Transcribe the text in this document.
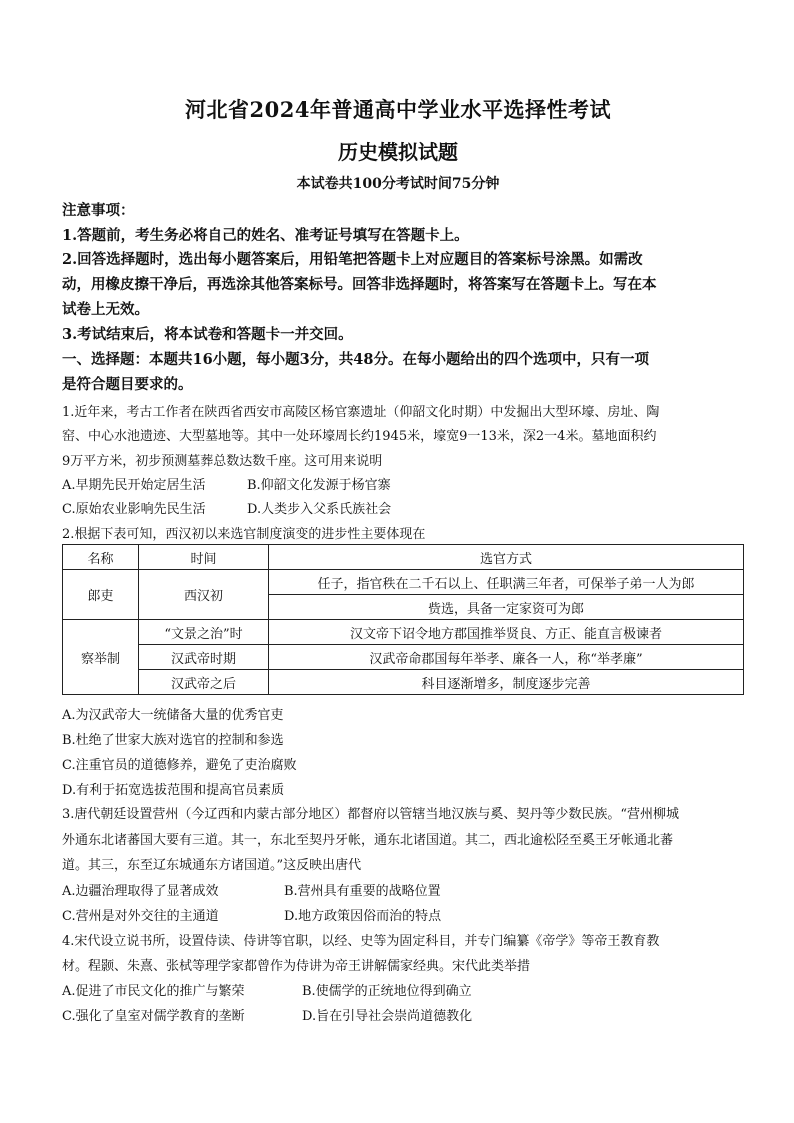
河北省2024年普通高中学业水平选择性考试
历史模拟试题
本试卷共100分考试时间75分钟
注意事项：
1.答题前，考生务必将自己的姓名、准考证号填写在答题卡上。
2.回答选择题时，选出每小题答案后，用铅笔把答题卡上对应题目的答案标号涂黑。如需改
动，用橡皮擦干净后，再选涂其他答案标号。回答非选择题时，将答案写在答题卡上。写在本
试卷上无效。
3.考试结束后，将本试卷和答题卡一并交回。
一、选择题：本题共16小题，每小题3分，共48分。在每小题给出的四个选项中，只有一项
是符合题目要求的。
1.近年来，考古工作者在陕西省西安市高陵区杨官寨遗址（仰韶文化时期）中发掘出大型环壕、房址、陶
窑、中心水池遗迹、大型墓地等。其中一处环壕周长约1945米，壕宽9一13米，深2一4米。墓地面积约
9万平方米，初步预测墓葬总数达数千座。这可用来说明
A.早期先民开始定居生活	B.仰韶文化发源于杨官寨
C.原始农业影响先民生活	D.人类步入父系氏族社会
2.根据下表可知，西汉初以来选官制度演变的进步性主要体现在
名称	时间	选官方式
郎吏	西汉初	任子，指官秩在二千石以上、任职满三年者，可保举子弟一人为郎
		赀选，具备一定家资可为郎
察举制	“文景之治”时	汉文帝下诏令地方郡国推举贤良、方正、能直言极谏者
	汉武帝时期	汉武帝命郡国每年举孝、廉各一人，称“举孝廉”
	汉武帝之后	科目逐渐增多，制度逐步完善
A.为汉武帝大一统储备大量的优秀官吏
B.杜绝了世家大族对选官的控制和参选
C.注重官员的道德修养，避免了吏治腐败
D.有利于拓宽选拔范围和提高官员素质
3.唐代朝廷设置营州（今辽西和内蒙古部分地区）都督府以管辖当地汉族与奚、契丹等少数民族。“营州柳城
外通东北诸蕃国大要有三道。其一，东北至契丹牙帐，通东北诸国道。其二，西北逾松陉至奚王牙帐通北蕃
道。其三，东至辽东城通东方诸国道。”这反映出唐代
A.边疆治理取得了显著成效	B.营州具有重要的战略位置
C.营州是对外交往的主通道	D.地方政策因俗而治的特点
4.宋代设立说书所，设置侍读、侍讲等官职，以经、史等为固定科目，并专门编纂《帝学》等帝王教育教
材。程颢、朱熹、张栻等理学家都曾作为侍讲为帝王讲解儒家经典。宋代此类举措
A.促进了市民文化的推广与繁荣	B.使儒学的正统地位得到确立
C.强化了皇室对儒学教育的垄断	D.旨在引导社会崇尚道德教化
